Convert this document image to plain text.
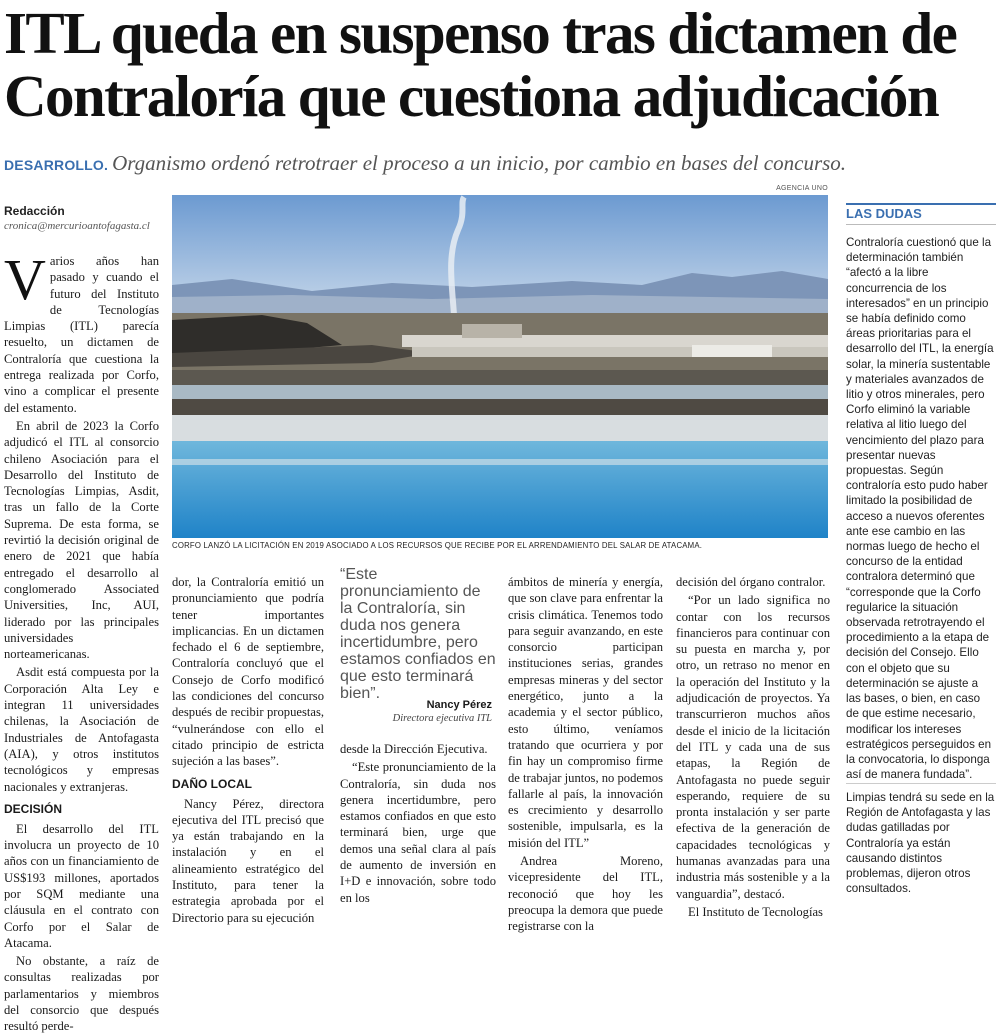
ITL queda en suspenso tras dictamen de
Contraloría que cuestiona adjudicación
DESARROLLO. Organismo ordenó retrotraer el proceso a un inicio, por cambio en bases del concurso.
Redacción
cronica@mercurioantofagasta.cl
AGENCIA UNO
CORFO LANZÓ LA LICITACIÓN EN 2019 ASOCIADO A LOS RECURSOS QUE RECIBE POR EL ARRENDAMIENTO DEL SALAR DE ATACAMA.

Varios años han pasado y cuando el futuro del Instituto de Tecnologías Limpias (ITL) parecía resuelto, un dictamen de Contraloría que cuestiona la entrega realizada por Corfo, vino a complicar el presente del estamento.

En abril de 2023 la Corfo adjudicó el ITL al consorcio chileno Asociación para el Desarrollo del Instituto de Tecnologías Limpias, Asdit, tras un fallo de la Corte Suprema. De esta forma, se revirtió la decisión original de enero de 2021 que había entregado el desarrollo al conglomerado Associated Universities, Inc, AUI, liderado por las principales universidades norteamericanas.

Asdit está compuesta por la Corporación Alta Ley e integran 11 universidades chilenas, la Asociación de Industriales de Antofagasta (AIA), y otros institutos tecnológicos y empresas nacionales y extranjeras.

DECISIÓN

El desarrollo del ITL involucra un proyecto de 10 años con un financiamiento de US$193 millones, aportados por SQM mediante una cláusula en el contrato con Corfo por el Salar de Atacama.

No obstante, a raíz de consultas realizadas por parlamentarios y miembros del consorcio que después resultó perde-

dor, la Contraloría emitió un pronunciamiento que podría tener importantes implicancias. En un dictamen fechado el 6 de septiembre, Contraloría concluyó que el Consejo de Corfo modificó las condiciones del concurso después de recibir propuestas, “vulnerándose con ello el citado principio de estricta sujeción a las bases”.

DAÑO LOCAL

Nancy Pérez, directora ejecutiva del ITL precisó que ya están trabajando en la instalación y en el alineamiento estratégico del Instituto, para tener la estrategia aprobada por el Directorio para su ejecución

“Este pronunciamiento de la Contraloría, sin duda nos genera incertidumbre, pero estamos confiados en que esto terminará bien”.
Nancy Pérez
Directora ejecutiva ITL

desde la Dirección Ejecutiva.

“Este pronunciamiento de la Contraloría, sin duda nos genera incertidumbre, pero estamos confiados en que esto terminará bien, urge que demos una señal clara al país de aumento de inversión en I+D e innovación, sobre todo en los

ámbitos de minería y energía, que son clave para enfrentar la crisis climática. Tenemos todo para seguir avanzando, en este consorcio participan instituciones serias, grandes empresas mineras y del sector energético, junto a la academia y el sector público, esto último, veníamos tratando que ocurriera y por fin hay un compromiso firme de trabajar juntos, no podemos fallarle al país, la innovación es crecimiento y desarrollo sostenible, impulsarla, es la misión del ITL”

Andrea Moreno, vicepresidente del ITL, reconoció que hoy les preocupa la demora que puede registrarse con la

decisión del órgano contralor.

“Por un lado significa no contar con los recursos financieros para continuar con su puesta en marcha y, por otro, un retraso no menor en la operación del Instituto y la adjudicación de proyectos. Ya transcurrieron muchos años desde el inicio de la licitación del ITL y cada una de sus etapas, la Región de Antofagasta no puede seguir esperando, requiere de su pronta instalación y ser parte efectiva de la generación de capacidades tecnológicas y humanas avanzadas para una industria más sostenible y a la vanguardia”, destacó.

El Instituto de Tecnologías

LAS DUDAS
Contraloría cuestionó que la determinación también “afectó a la libre concurrencia de los interesados” en un principio se había definido como áreas prioritarias para el desarrollo del ITL, la energía solar, la minería sustentable y materiales avanzados de litio y otros minerales, pero Corfo eliminó la variable relativa al litio luego del vencimiento del plazo para presentar nuevas propuestas. Según contraloría esto pudo haber limitado la posibilidad de acceso a nuevos oferentes ante ese cambio en las normas luego de hecho el concurso de la entidad contralora determinó que “corresponde que la Corfo regularice la situación observada retrotrayendo el procedimiento a la etapa de decisión del Consejo. Ello con el objeto que su determinación se ajuste a las bases, o bien, en caso de que estime necesario, modificar los intereses estratégicos perseguidos en la convocatoria, lo disponga así de manera fundada”.
Limpias tendrá su sede en la Región de Antofagasta y las dudas gatilladas por Contraloría ya están causando distintos problemas, dijeron otros consultados.
